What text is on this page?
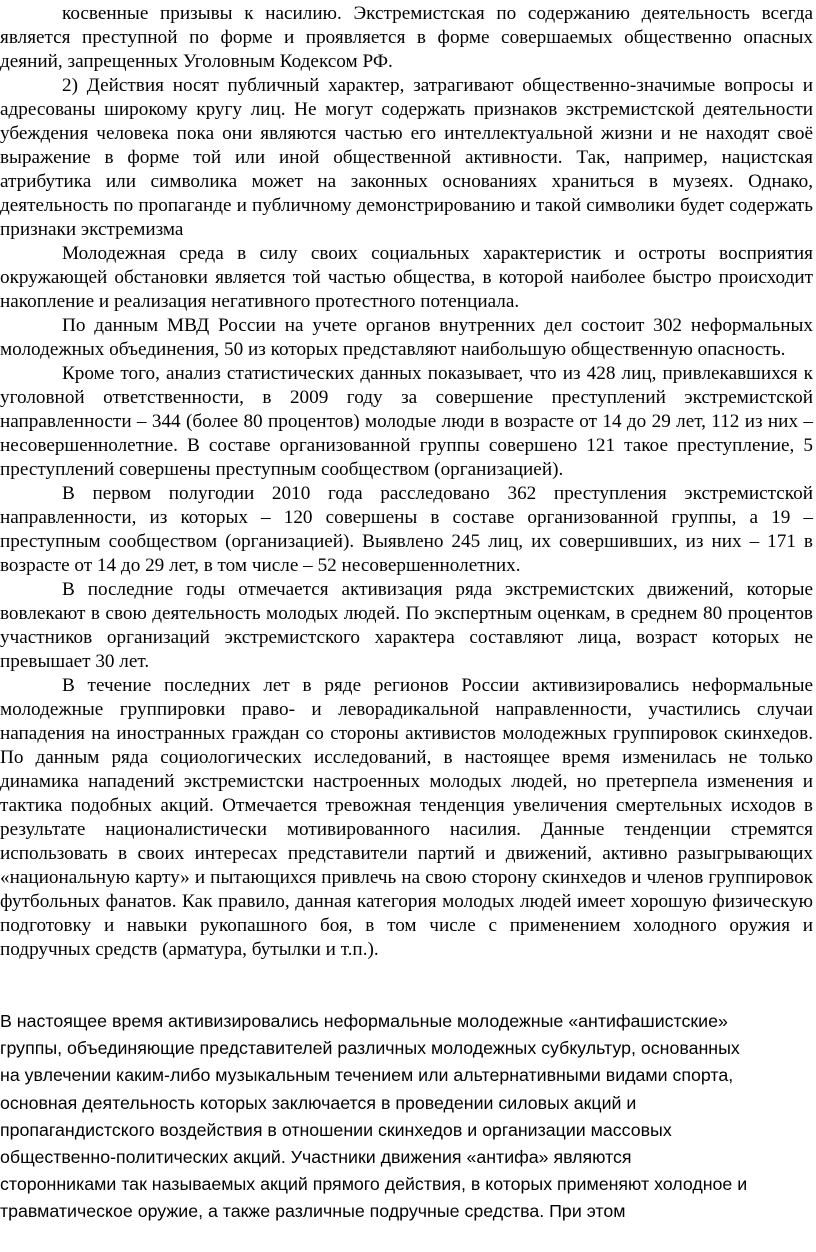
косвенные призывы к насилию. Экстремистская по содержанию деятельность всегда является преступной по форме и проявляется в форме совершаемых общественно опасных деяний, запрещенных Уголовным Кодексом РФ.

2) Действия носят публичный характер, затрагивают общественно-значимые вопросы и адресованы широкому кругу лиц. Не могут содержать признаков экстремистской деятельности убеждения человека пока они являются частью его интеллектуальной жизни и не находят своё выражение в форме той или иной общественной активности. Так, например, нацистская атрибутика или символика может на законных основаниях храниться в музеях. Однако, деятельность по пропаганде и публичному демонстрированию и такой символики будет содержать признаки экстремизма

Молодежная среда в силу своих социальных характеристик и остроты восприятия окружающей обстановки является той частью общества, в которой наиболее быстро происходит накопление и реализация негативного протестного потенциала.

По данным МВД России на учете органов внутренних дел состоит 302 неформальных молодежных объединения, 50 из которых представляют наибольшую общественную опасность.

Кроме того, анализ статистических данных показывает, что из 428 лиц, привлекавшихся к уголовной ответственности, в 2009 году за совершение преступлений экстремистской направленности – 344 (более 80 процентов) молодые люди в возрасте от 14 до 29 лет, 112 из них – несовершеннолетние. В составе организованной группы совершено 121 такое преступление, 5 преступлений совершены преступным сообществом (организацией).

В первом полугодии 2010 года расследовано 362 преступления экстремистской направленности, из которых – 120 совершены в составе организованной группы, а 19 – преступным сообществом (организацией). Выявлено 245 лиц, их совершивших, из них – 171 в возрасте от 14 до 29 лет, в том числе – 52 несовершеннолетних.

В последние годы отмечается активизация ряда экстремистских движений, которые вовлекают в свою деятельность молодых людей. По экспертным оценкам, в среднем 80 процентов участников организаций экстремистского характера составляют лица, возраст которых не превышает 30 лет.

В течение последних лет в ряде регионов России активизировались неформальные молодежные группировки право- и леворадикальной направленности, участились случаи нападения на иностранных граждан со стороны активистов молодежных группировок скинхедов. По данным ряда социологических исследований, в настоящее время изменилась не только динамика нападений экстремистски настроенных молодых людей, но претерпела изменения и тактика подобных акций. Отмечается тревожная тенденция увеличения смертельных исходов в результате националистически мотивированного насилия. Данные тенденции стремятся использовать в своих интересах представители партий и движений, активно разыгрывающих «национальную карту» и пытающихся привлечь на свою сторону скинхедов и членов группировок футбольных фанатов. Как правило, данная категория молодых людей имеет хорошую физическую подготовку и навыки рукопашного боя, в том числе с применением холодного оружия и подручных средств (арматура, бутылки и т.п.).

В настоящее время активизировались неформальные молодежные «антифашистские»

группы, объединяющие представителей различных молодежных субкультур, основанных

на увлечении каким-либо музыкальным течением или альтернативными видами спорта,

основная деятельность которых заключается в проведении силовых акций и

пропагандистского воздействия в отношении скинхедов и организации массовых

общественно-политических акций. Участники движения «антифа» являются

сторонниками так называемых акций прямого действия, в которых применяют холодное и

травматическое оружие, а также различные подручные средства. При этом
